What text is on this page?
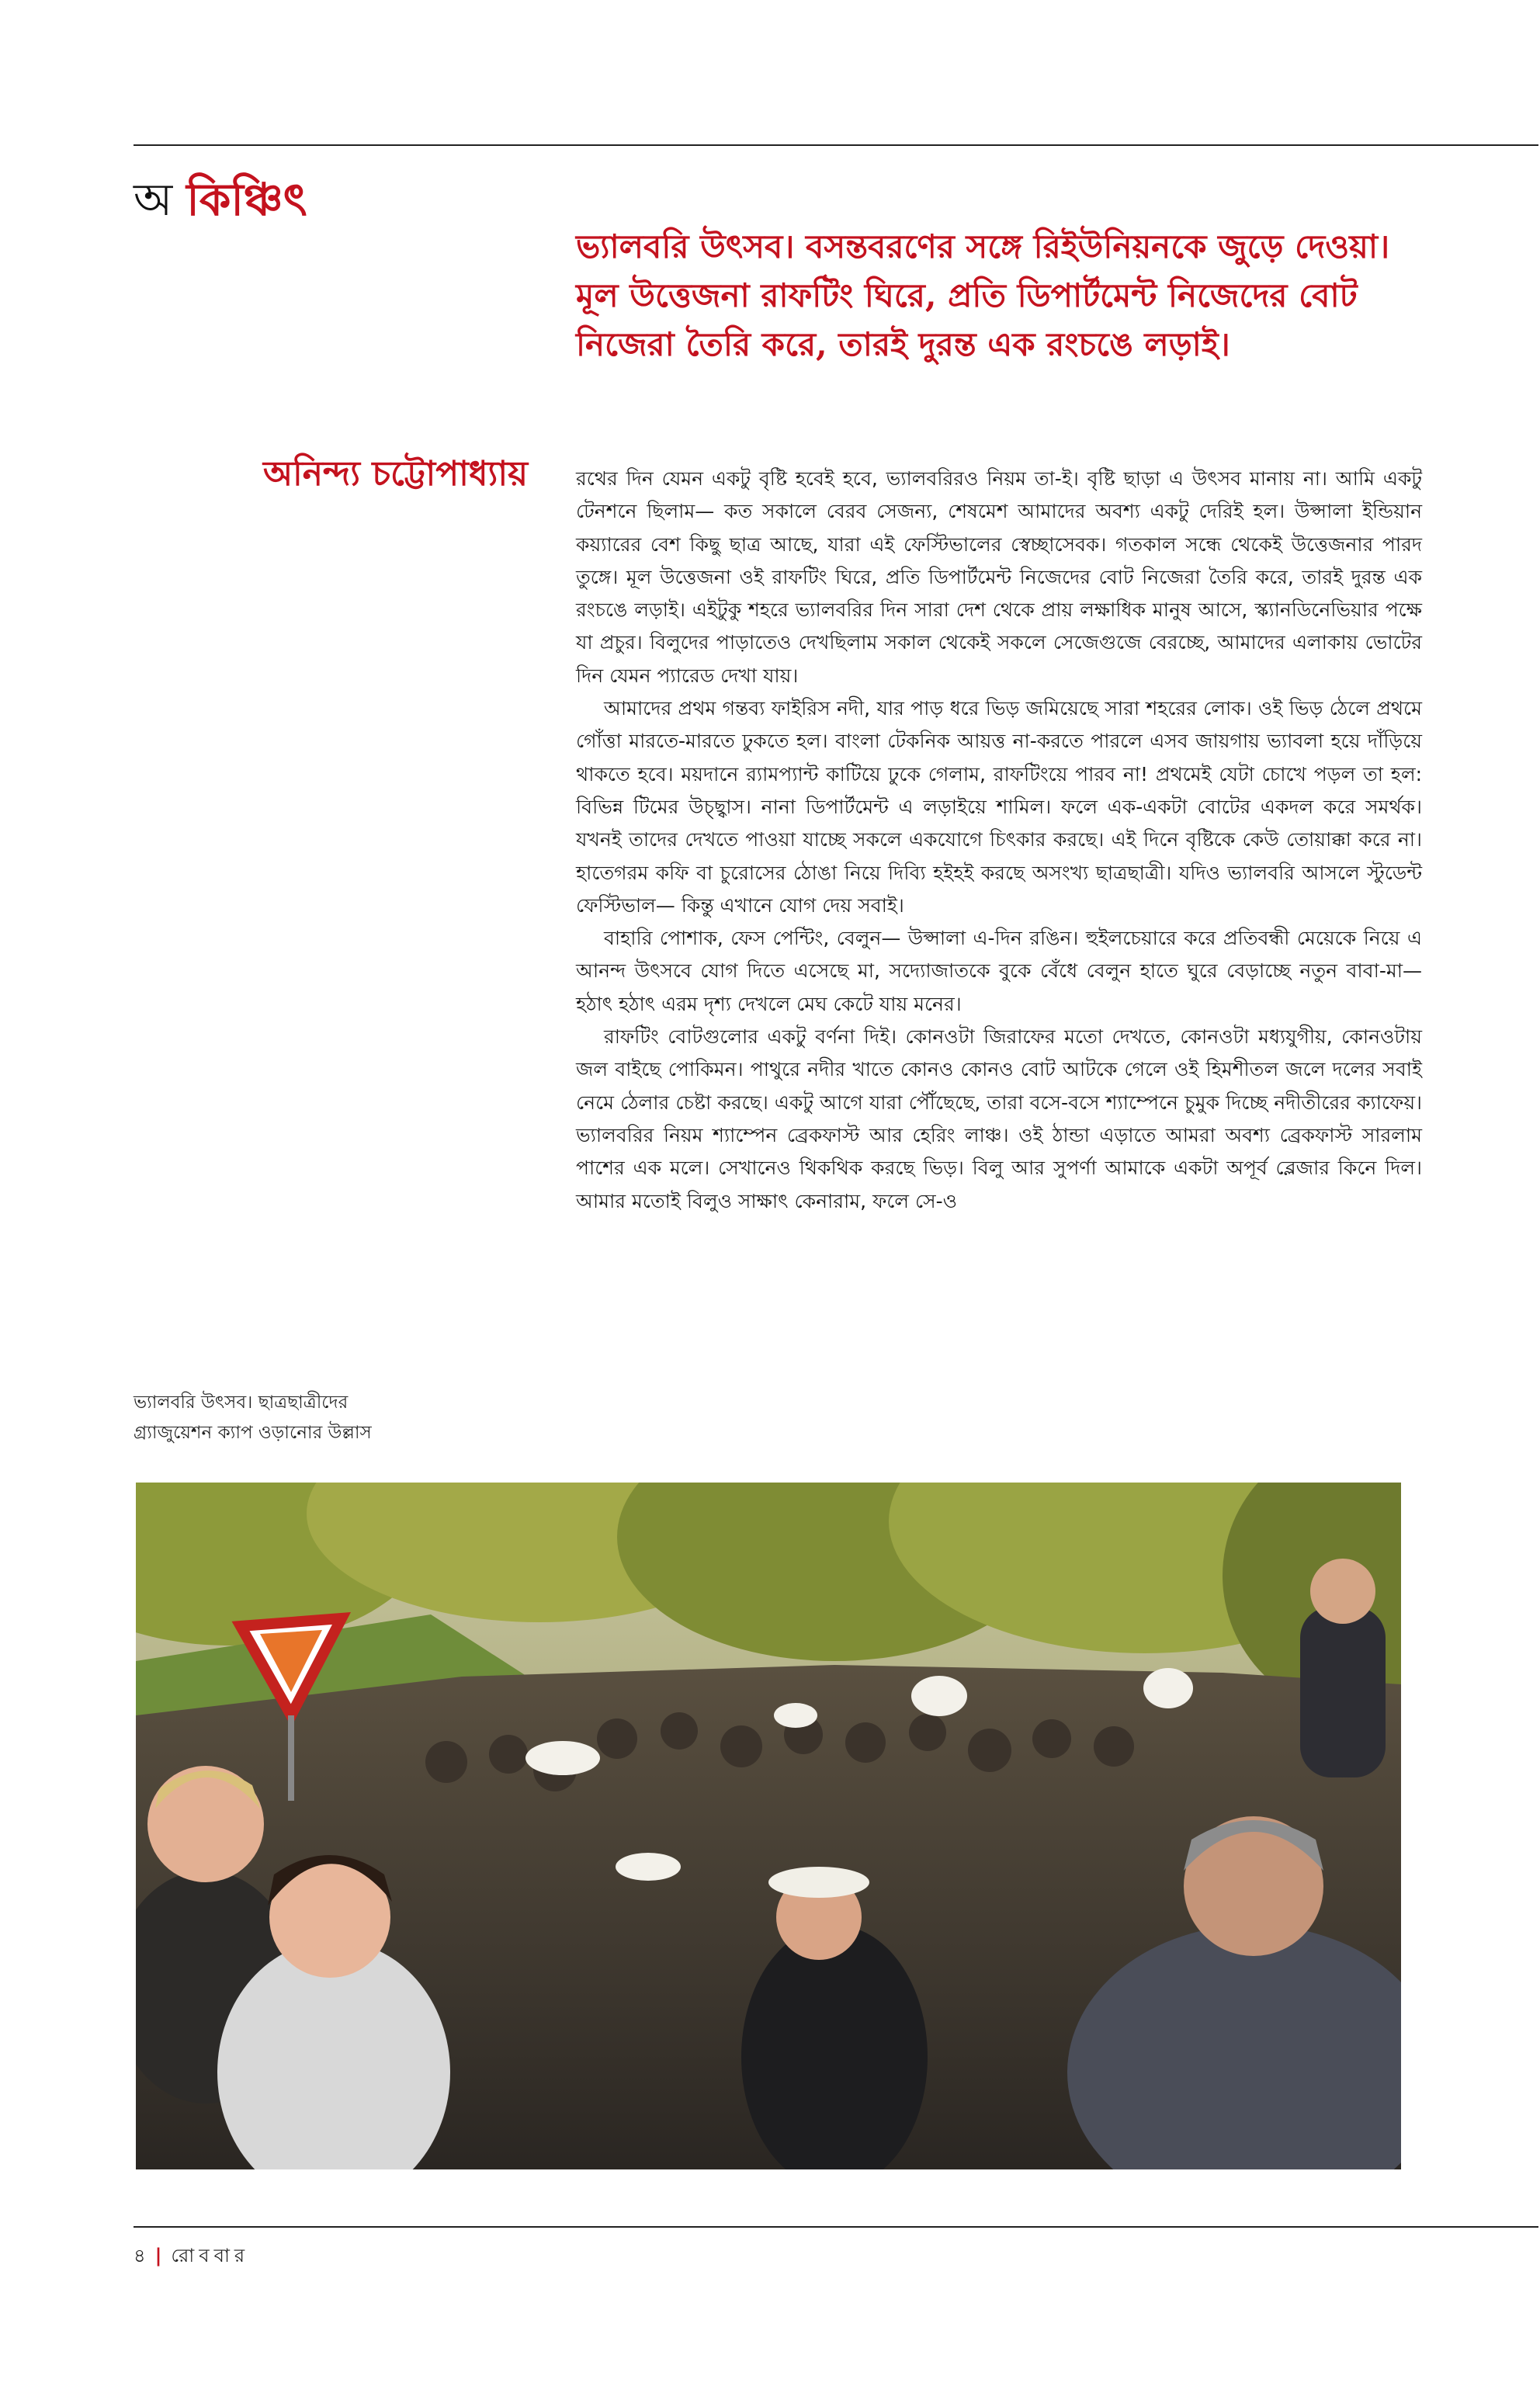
অ কিঞ্চিৎ
ভ্যালবরি উৎসব। বসন্তবরণের সঙ্গে রিইউনিয়নকে জুড়ে দেওয়া। মূল উত্তেজনা রাফটিং ঘিরে, প্রতি ডিপার্টমেন্ট নিজেদের বোট নিজেরা তৈরি করে, তারই দুরন্ত এক রংচঙে লড়াই।
অনিন্দ্য চট্টোপাধ্যায় রথের দিন যেমন একটু বৃষ্টি হবেই হবে, ভ্যালবরিরও নিয়ম তা-ই। বৃষ্টি ছাড়া এ উৎসব মানায় না। আমি একটু টেনশনে ছিলাম— কত সকালে বেরব সেজন্য, শেষমেশ আমাদের অবশ্য একটু দেরিই হল। উপ্সালা ইন্ডিয়ান কয়্যারের বেশ কিছু ছাত্র আছে, যারা এই ফেস্টিভালের স্বেচ্ছাসেবক। গতকাল সন্ধে থেকেই উত্তেজনার পারদ তুঙ্গে। মূল উত্তেজনা ওই রাফটিং ঘিরে, প্রতি ডিপার্টমেন্ট নিজেদের বোট নিজেরা তৈরি করে, তারই দুরন্ত এক রংচঙে লড়াই। এইটুকু শহরে ভ্যালবরির দিন সারা দেশ থেকে প্রায় লক্ষাধিক মানুষ আসে, স্ক্যানডিনেভিয়ার পক্ষে যা প্রচুর। বিলুদের পাড়াতেও দেখছিলাম সকাল থেকেই সকলে সেজেগুজে বেরচ্ছে, আমাদের এলাকায় ভোটের দিন যেমন প্যারেড দেখা যায়।

আমাদের প্রথম গন্তব্য ফাইরিস নদী, যার পাড় ধরে ভিড় জমিয়েছে সারা শহরের লোক। ওই ভিড় ঠেলে প্রথমে গোঁত্তা মারতে-মারতে ঢুকতে হল। বাংলা টেকনিক আয়ত্ত না-করতে পারলে এসব জায়গায় ভ্যাবলা হয়ে দাঁড়িয়ে থাকতে হবে। ময়দানে র‍্যামপ্যান্ট কাটিয়ে ঢুকে গেলাম, রাফটিংয়ে পারব না! প্রথমেই যেটা চোখে পড়ল তা হল: বিভিন্ন টিমের উচ্ছ্বাস। নানা ডিপার্টমেন্ট এ লড়াইয়ে শামিল। ফলে এক-একটা বোটের একদল করে সমর্থক। যখনই তাদের দেখতে পাওয়া যাচ্ছে সকলে একযোগে চিৎকার করছে। এই দিনে বৃষ্টিকে কেউ তোয়াক্কা করে না। হাতেগরম কফি বা চুরোসের ঠোঙা নিয়ে দিব্যি হইহই করছে অসংখ্য ছাত্রছাত্রী। যদিও ভ্যালবরি আসলে স্টুডেন্ট ফেস্টিভাল— কিন্তু এখানে যোগ দেয় সবাই।

বাহারি পোশাক, ফেস পেন্টিং, বেলুন— উপ্সালা এ-দিন রঙিন। হুইলচেয়ারে করে প্রতিবন্ধী মেয়েকে নিয়ে এ আনন্দ উৎসবে যোগ দিতে এসেছে মা, সদ্যোজাতকে বুকে বেঁধে বেলুন হাতে ঘুরে বেড়াচ্ছে নতুন বাবা-মা— হঠাৎ হঠাৎ এরম দৃশ্য দেখলে মেঘ কেটে যায় মনের।

রাফটিং বোটগুলোর একটু বর্ণনা দিই। কোনওটা জিরাফের মতো দেখতে, কোনওটা মধ্যযুগীয়, কোনওটায় জল বাইছে পোকিমন। পাথুরে নদীর খাতে কোনও কোনও বোট আটকে গেলে ওই হিমশীতল জলে দলের সবাই নেমে ঠেলার চেষ্টা করছে। একটু আগে যারা পৌঁছেছে, তারা বসে-বসে শ্যাম্পেনে চুমুক দিচ্ছে নদীতীরের ক্যাফেয়। ভ্যালবরির নিয়ম শ্যাম্পেন ব্রেকফাস্ট আর হেরিং লাঞ্চ। ওই ঠান্ডা এড়াতে আমরা অবশ্য ব্রেকফাস্ট সারলাম পাশের এক মলে। সেখানেও থিকথিক করছে ভিড়। বিলু আর সুপর্ণা আমাকে একটা অপূর্ব ব্লেজার কিনে দিল। আমার মতোই বিলুও সাক্ষাৎ কেনারাম, ফলে সে-ও

ভ্যালবরি উৎসব। ছাত্রছাত্রীদের গ্র্যাজুয়েশন ক্যাপ ওড়ানোর উল্লাস
৪ | রোববার
